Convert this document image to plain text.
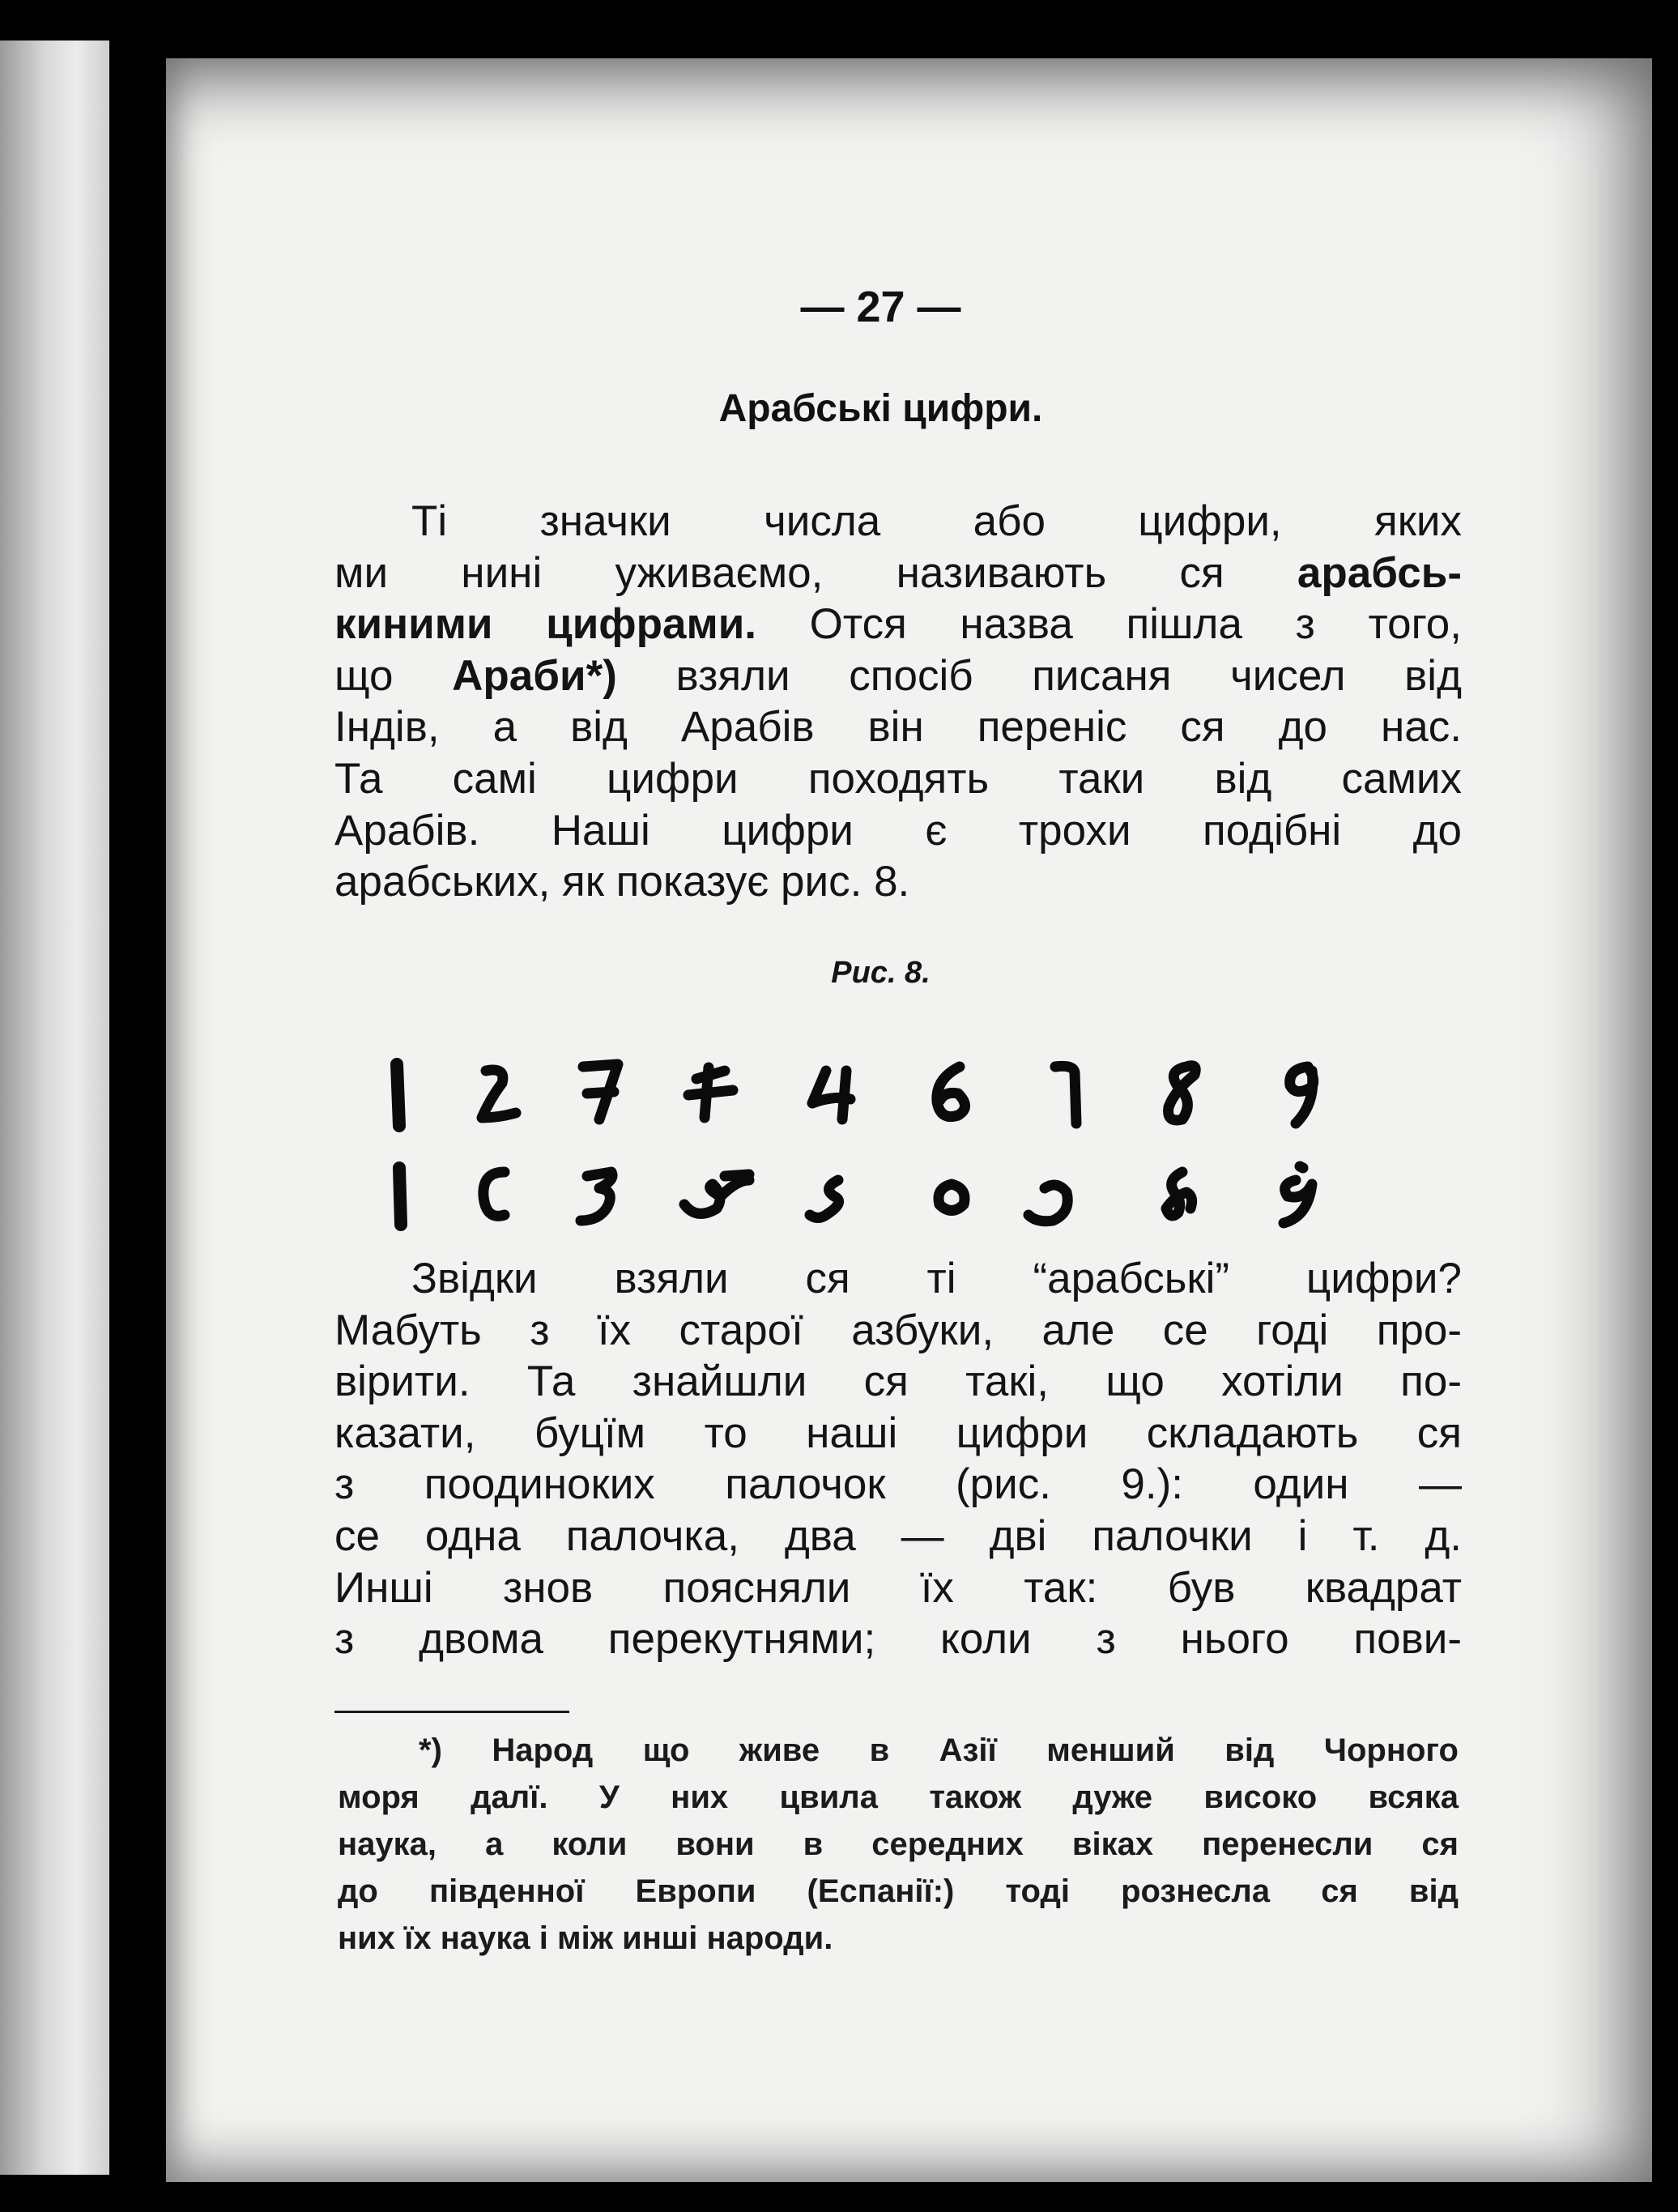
— 27 —
Арабські цифри.
Ті значки числа або цифри, яких
ми нині уживаємо, називають ся арабсь-
киними цифрами. Отся назва пішла з того,
що Араби*) взяли спосіб писаня чисел від
Індів, а від Арабів він переніс ся до нас.
Та самі цифри походять таки від самих
Арабів. Наші цифри є трохи подібні до
арабських, як показує рис. 8.
Рис. 8.
Звідки взяли ся ті “арабські” цифри?
Мабуть з їх старої азбуки, але се годі про-
вірити. Та знайшли ся такі, що хотіли по-
казати, буцїм то наші цифри складають ся
з поодиноких палочок (рис. 9.): один —
се одна палочка, два — дві палочки і т. д.
Инші знов поясняли їх так: був квадрат
з двома перекутнями; коли з нього пови-
*) Народ що живе в Азії менший від Чорного
моря далї. У них цвила також дуже високо всяка
наука, а коли вони в середних віках перенесли ся
до південної Европи (Еспанії:) тоді рознесла ся від
них їх наука і між инші народи.
